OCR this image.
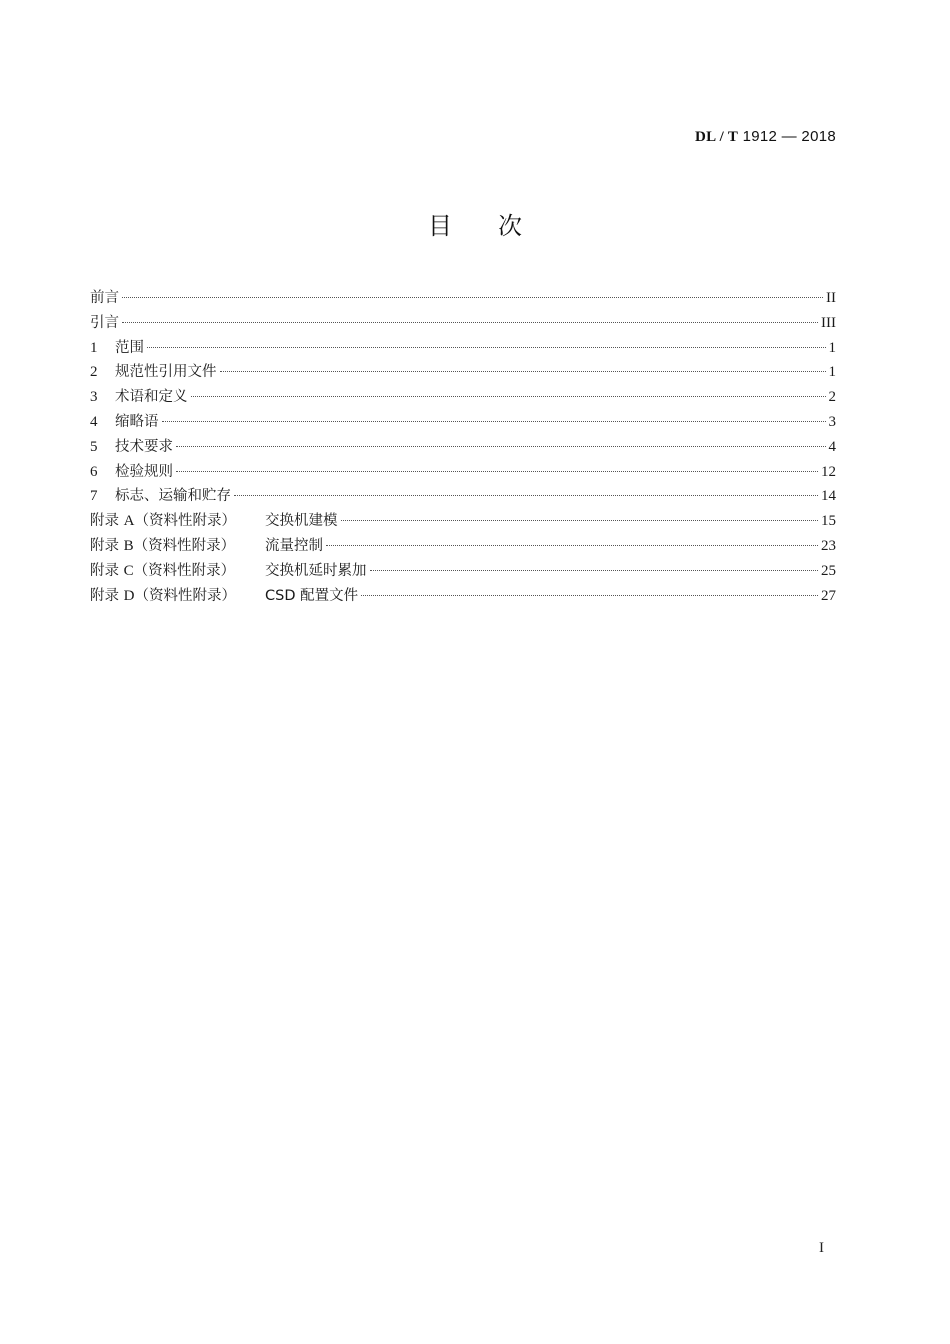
DL / T 1912 — 2018
目次
前言	II
引言	III
1	范围	1
2	规范性引用文件	1
3	术语和定义	2
4	缩略语	3
5	技术要求	4
6	检验规则	12
7	标志、运输和贮存	14
附录 A（资料性附录）	交换机建模	15
附录 B（资料性附录）	流量控制	23
附录 C（资料性附录）	交换机延时累加	25
附录 D（资料性附录）	CSD 配置文件	27
I
